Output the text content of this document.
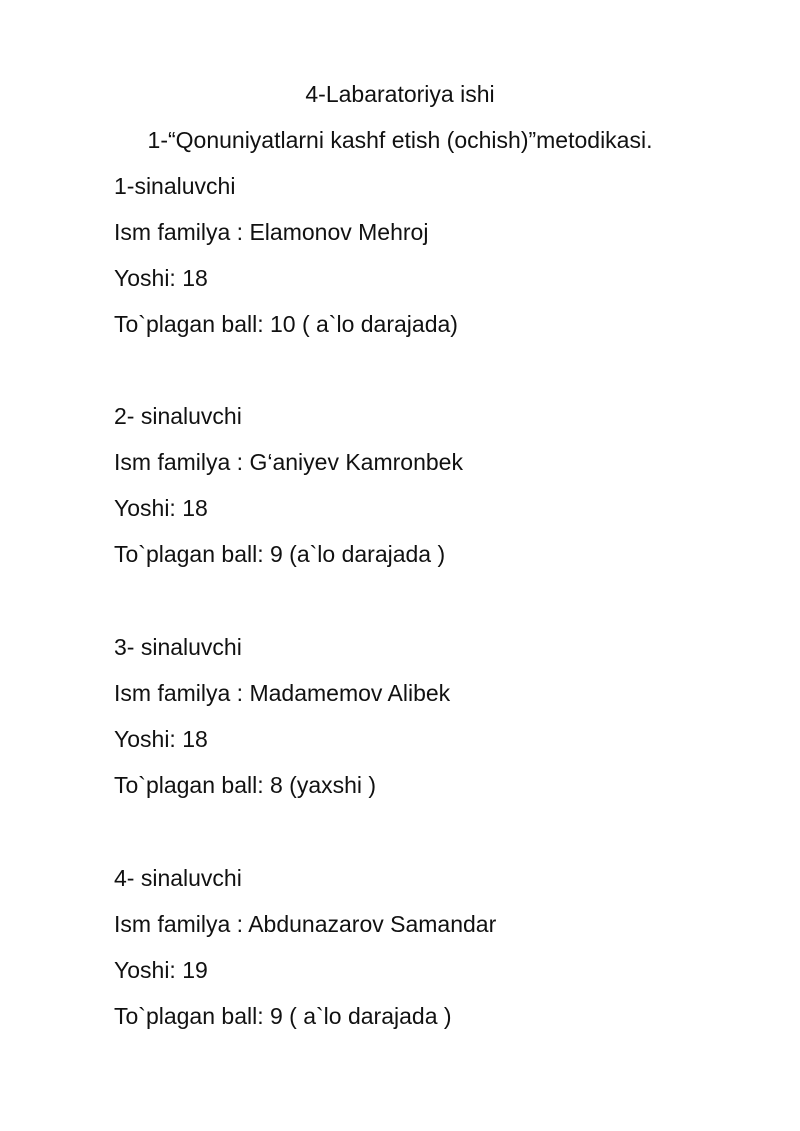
4-Labaratoriya ishi

1-“Qonuniyatlarni kashf etish (ochish)”metodikasi.

1-sinaluvchi

Ism familya : Elamonov Mehroj

Yoshi: 18

To`plagan ball: 10 ( a`lo darajada)

2- sinaluvchi

Ism familya : G‘aniyev Kamronbek

Yoshi: 18

To`plagan ball: 9 (a`lo darajada )

3- sinaluvchi

Ism familya : Madamemov Alibek

Yoshi: 18

To`plagan ball: 8 (yaxshi )

4- sinaluvchi

Ism familya : Abdunazarov Samandar

Yoshi: 19

To`plagan ball: 9 ( a`lo darajada )
